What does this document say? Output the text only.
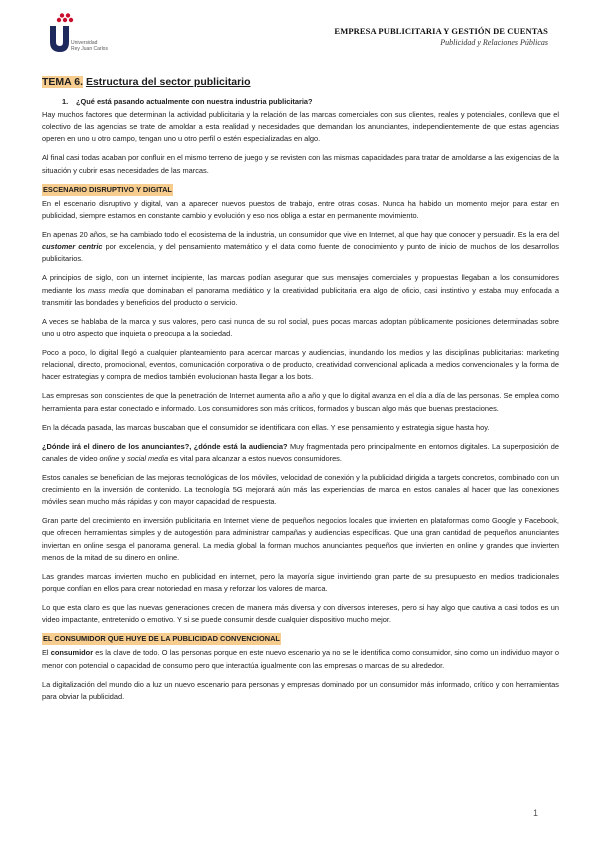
Universidad
Rey Juan Carlos
EMPRESA PUBLICITARIA Y GESTIÓN DE CUENTAS
Publicidad y Relaciones Públicas

TEMA 6. Estructura del sector publicitario

1. ¿Qué está pasando actualmente con nuestra industria publicitaria?

Hay muchos factores que determinan la actividad publicitaria y la relación de las marcas comerciales con sus clientes, reales y potenciales, conlleva que el colectivo de las agencias se trate de amoldar a esta realidad y necesidades que demandan los anunciantes, independientemente de que estas agencias operen en uno u otro campo, tengan uno u otro perfil o estén especializadas en algo.

Al final casi todas acaban por confluir en el mismo terreno de juego y se revisten con las mismas capacidades para tratar de amoldarse a las exigencias de la situación y cubrir esas necesidades de las marcas.

ESCENARIO DISRUPTIVO Y DIGITAL

En el escenario disruptivo y digital, van a aparecer nuevos puestos de trabajo, entre otras cosas. Nunca ha habido un momento mejor para estar en publicidad, siempre estamos en constante cambio y evolución y eso nos obliga a estar en permanente movimiento.

En apenas 20 años, se ha cambiado todo el ecosistema de la industria, un consumidor que vive en Internet, al que hay que conocer y persuadir. Es la era del customer centric por excelencia, y del pensamiento matemático y el data como fuente de conocimiento y punto de inicio de muchos de los desarrollos publicitarios.

A principios de siglo, con un internet incipiente, las marcas podían asegurar que sus mensajes comerciales y propuestas llegaban a los consumidores mediante los mass media que dominaban el panorama mediático y la creatividad publicitaria era algo de oficio, casi instintivo y estaba muy enfocada a transmitir las bondades y beneficios del producto o servicio.

A veces se hablaba de la marca y sus valores, pero casi nunca de su rol social, pues pocas marcas adoptan públicamente posiciones determinadas sobre uno u otro aspecto que inquieta o preocupa a la sociedad.

Poco a poco, lo digital llegó a cualquier planteamiento para acercar marcas y audiencias, inundando los medios y las disciplinas publicitarias: marketing relacional, directo, promocional, eventos, comunicación corporativa o de producto, creatividad convencional aplicada a medios convencionales y la forma de hacer estrategias y compra de medios también evolucionan hasta llegar a los bots.

Las empresas son conscientes de que la penetración de Internet aumenta año a año y que lo digital avanza en el día a día de las personas. Se emplea como herramienta para estar conectado e informado. Los consumidores son más críticos, formados y buscan algo más que buenas prestaciones.

En la década pasada, las marcas buscaban que el consumidor se identificara con ellas. Y ese pensamiento y estrategia sigue hasta hoy.

¿Dónde irá el dinero de los anunciantes?, ¿dónde está la audiencia? Muy fragmentada pero principalmente en entornos digitales. La superposición de canales de video online y social media es vital para alcanzar a estos nuevos consumidores.

Estos canales se benefician de las mejoras tecnológicas de los móviles, velocidad de conexión y la publicidad dirigida a targets concretos, combinado con un crecimiento en la inversión de contenido. La tecnología 5G mejorará aún más las experiencias de marca en estos canales al hacer que las conexiones móviles sean mucho más rápidas y con mayor capacidad de respuesta.

Gran parte del crecimiento en inversión publicitaria en Internet viene de pequeños negocios locales que invierten en plataformas como Google y Facebook, que ofrecen herramientas simples y de autogestión para administrar campañas y audiencias específicas. Que una gran cantidad de pequeños anunciantes inviertan en online sesga el panorama general. La media global la forman muchos anunciantes pequeños que invierten en online y grandes que invierten menos de la mitad de su dinero en online.

Las grandes marcas invierten mucho en publicidad en internet, pero la mayoría sigue invirtiendo gran parte de su presupuesto en medios tradicionales porque confían en ellos para crear notoriedad en masa y reforzar los valores de marca.

Lo que esta claro es que las nuevas generaciones crecen de manera más diversa y con diversos intereses, pero si hay algo que cautiva a casi todos es un video impactante, entretenido o emotivo. Y si se puede consumir desde cualquier dispositivo mucho mejor.

EL CONSUMIDOR QUE HUYE DE LA PUBLICIDAD CONVENCIONAL

El consumidor es la clave de todo. O las personas porque en este nuevo escenario ya no se le identifica como consumidor, sino como un individuo mayor o menor con potencial o capacidad de consumo pero que interactúa igualmente con las empresas o marcas de su alrededor.

La digitalización del mundo dio a luz un nuevo escenario para personas y empresas dominado por un consumidor más informado, crítico y con herramientas para obviar la publicidad.

1
